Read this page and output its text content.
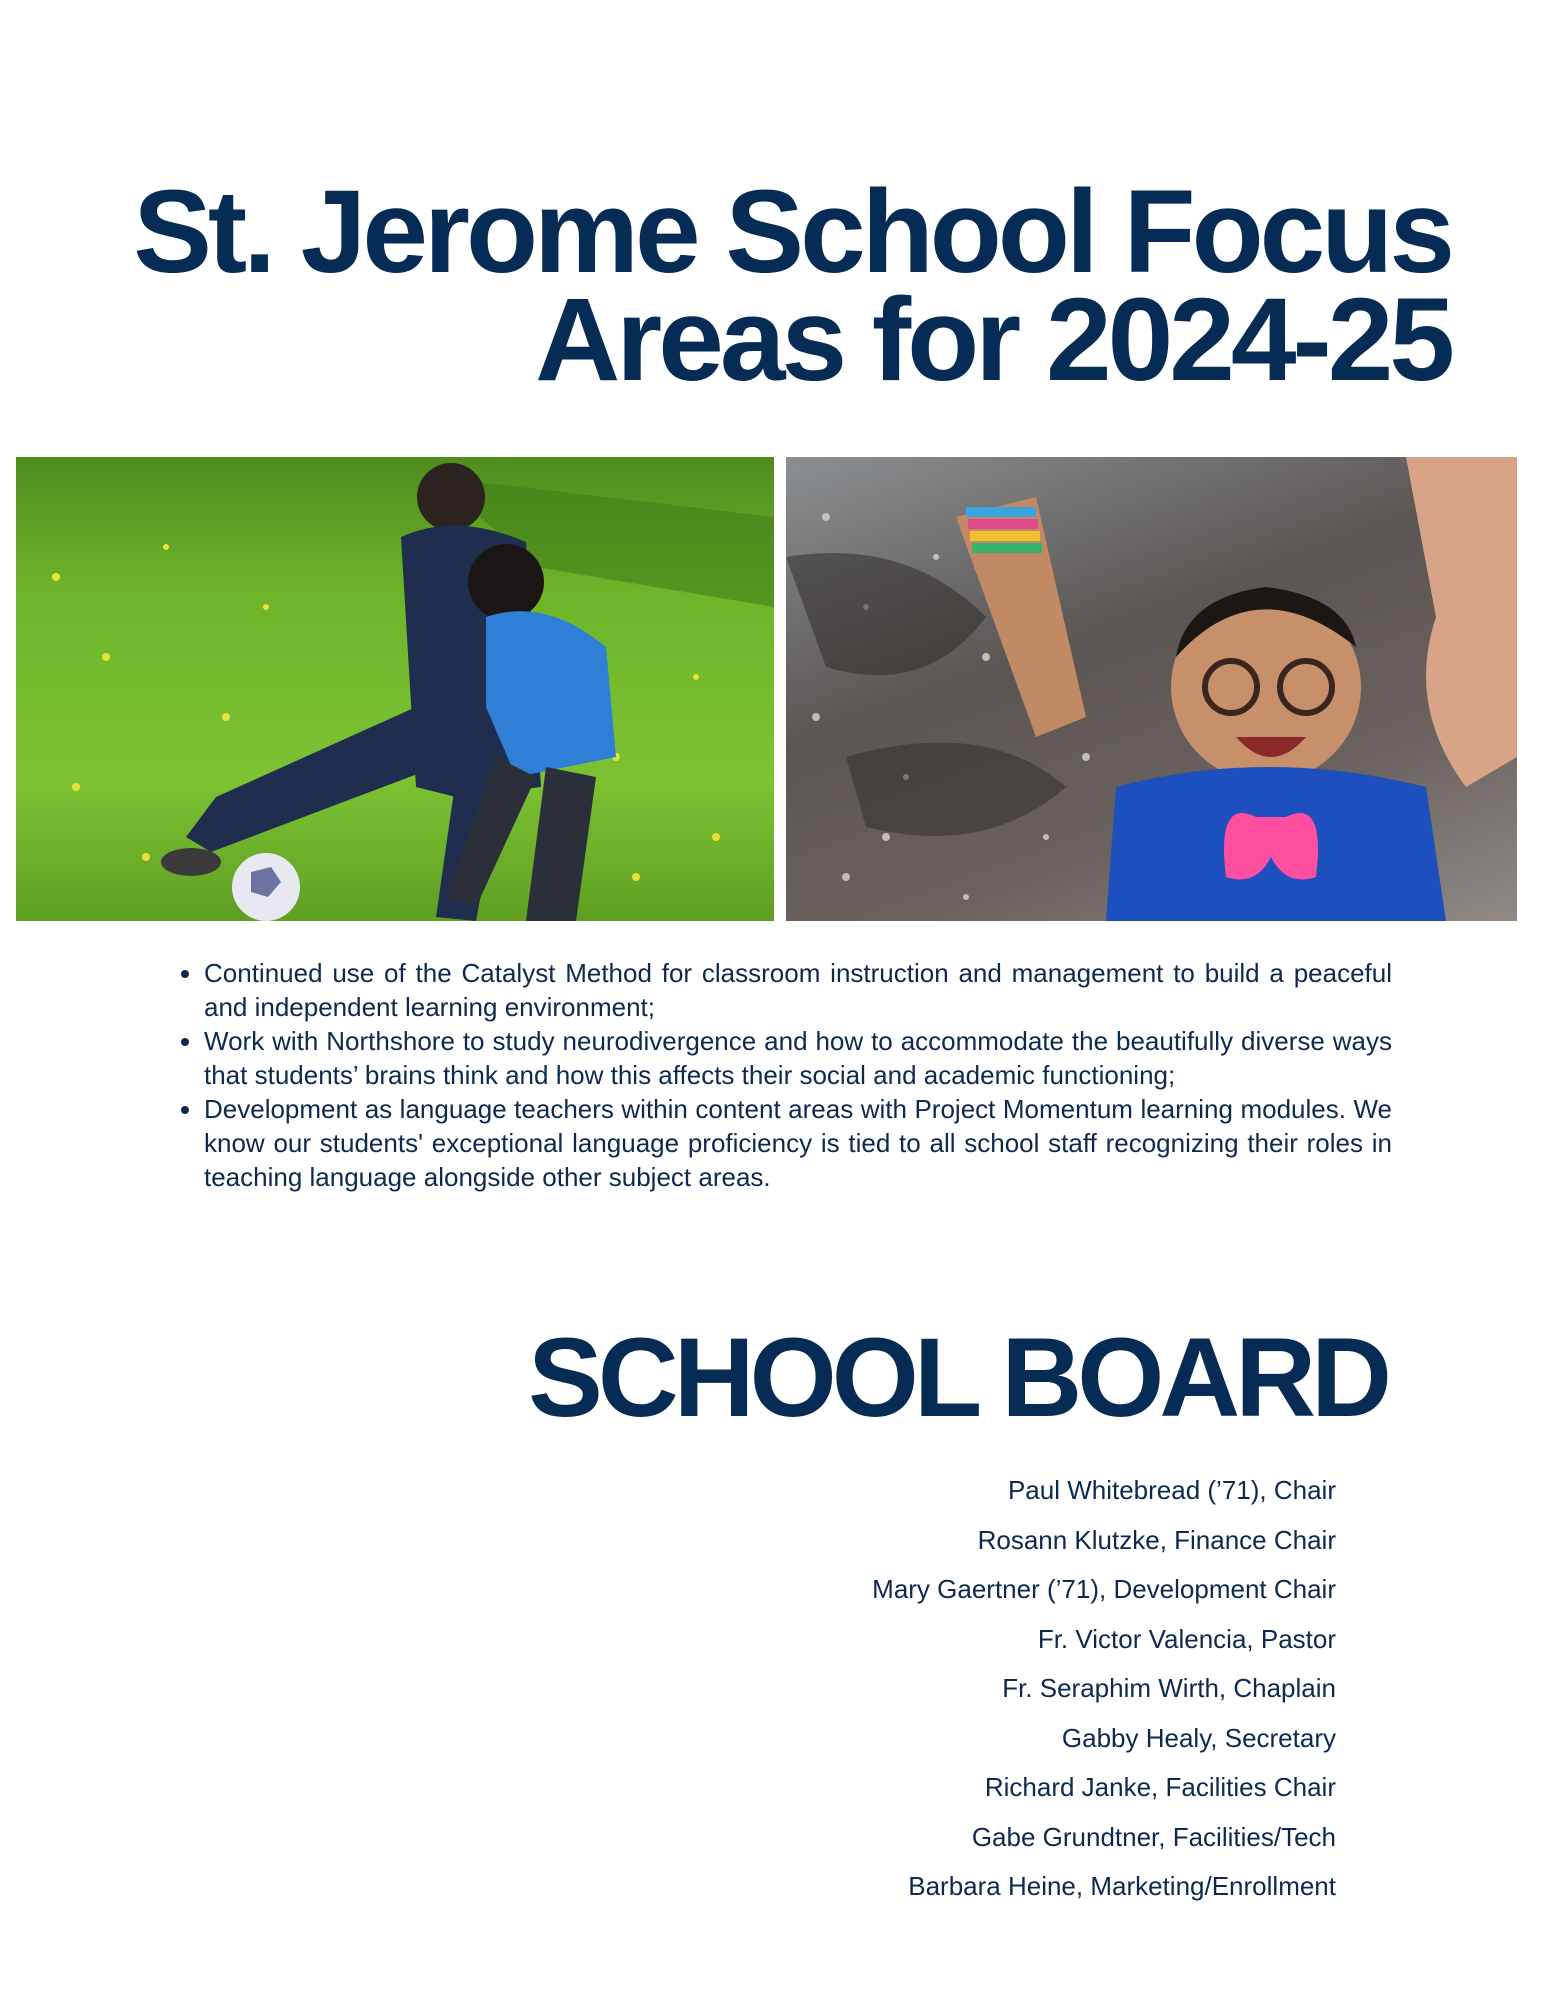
St. Jerome School Focus
Areas for 2024-25
• Continued use of the Catalyst Method for classroom instruction and management to build a peaceful and independent learning environment;
• Work with Northshore to study neurodivergence and how to accommodate the beautifully diverse ways that students’ brains think and how this affects their social and academic functioning;
• Development as language teachers within content areas with Project Momentum learning modules. We know our students' exceptional language proficiency is tied to all school staff recognizing their roles in teaching language alongside other subject areas.
SCHOOL BOARD
Paul Whitebread (’71), Chair
Rosann Klutzke, Finance Chair
Mary Gaertner (’71), Development Chair
Fr. Victor Valencia, Pastor
Fr. Seraphim Wirth, Chaplain
Gabby Healy, Secretary
Richard Janke, Facilities Chair
Gabe Grundtner, Facilities/Tech
Barbara Heine, Marketing/Enrollment
